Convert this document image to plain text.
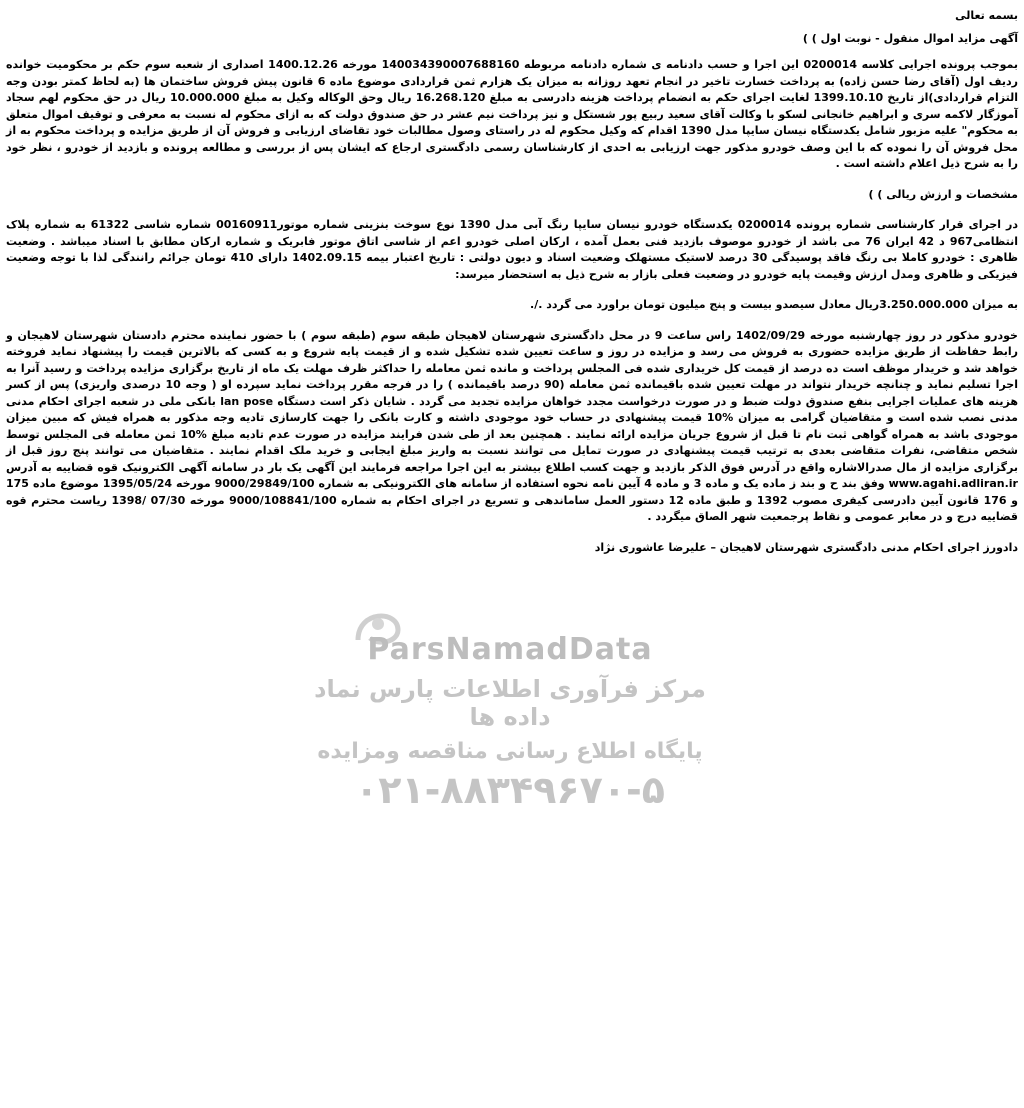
بسمه تعالی

آگهی مزاید اموال منقول - نوبت اول ) )

بموجب پرونده اجرایی کلاسه 0200014 این اجرا و حسب دادنامه ی شماره دادنامه مربوطه 140034390007688160 مورخه 1400.12.26 اصداری از شعبه سوم حکم بر محکومیت خوانده ردیف اول (آقای رضا حسن زاده) به پرداخت خسارت تاخیر در انجام تعهد روزانه به میزان یک هزارم ثمن قراردادی موضوع ماده 6 قانون پیش فروش ساختمان ها (به لحاظ کمتر بودن وجه التزام قراردادی)از تاریخ 1399.10.10 لغایت اجرای حکم به انضمام پرداخت هزینه دادرسی به مبلغ 16.268.120 ریال وحق الوکاله وکیل به مبلغ 10.000.000 ریال در حق محکوم لهم سجاد آموزگار لاکمه سری و ابراهیم خانجانی لسکو با وکالت آقای سعید ربیع پور شستکل و نیز پرداخت نیم عشر در حق صندوق دولت که به ازای محکوم له نسبت به معرفی و توقیف اموال متعلق به محکوم" علیه مزبور شامل یکدستگاه نیسان سایپا مدل 1390 اقدام که وکیل محکوم له در راستای وصول مطالبات خود تقاضای ارزیابی و فروش آن از طریق مزایده و پرداخت محکوم به از محل فروش آن را نموده که با این وصف خودرو مذکور جهت ارزیابی به احدی از کارشناسان رسمی دادگستری ارجاع که ایشان پس از بررسی و مطالعه پرونده و بازدید از خودرو ، نظر خود را به شرح ذیل اعلام داشته است .

مشخصات و ارزش ریالی ) )

در اجرای قرار کارشناسی شماره پرونده 0200014 یکدستگاه خودرو نیسان سایپا رنگ آبی مدل 1390 نوع سوخت بنزینی شماره موتور00160911 شماره شاسی 61322 به شماره پلاک انتظامی967 د 42 ایران 76 می باشد از خودرو موصوف بازدید فنی بعمل آمده ، ارکان اصلی خودرو اعم از شاسی اتاق موتور فابریک و شماره ارکان مطابق با اسناد میباشد . وضعیت ظاهری : خودرو کاملا بی رنگ فاقد پوسیدگی 30 درصد لاستیک مستهلک وضعیت اسناد و دیون دولتی : تاریخ اعتبار بیمه 1402.09.15 دارای 410 تومان جرائم رانندگی لذا با توجه وضعیت فیزیکی و ظاهری ومدل ارزش وقیمت پایه خودرو در وضعیت فعلی بازار به شرح ذیل به استحضار میرسد:

به میزان 3.250.000.000ریال معادل سیصدو بیست و پنج میلیون تومان براورد می گردد ./.

خودرو مذکور در روز چهارشنبه مورخه 1402/09/29 راس ساعت 9 در محل دادگستری شهرستان لاهیجان طبقه سوم (طبقه سوم ) با حضور نماینده محترم دادستان شهرستان لاهیجان و رابط حفاظت از طریق مزایده حضوری به فروش می رسد و مزایده در روز و ساعت تعیین شده تشکیل شده و از قیمت پایه شروع و به کسی که بالاترین قیمت را پیشنهاد نماید فروخته خواهد شد و خریدار موظف است ده درصد از قیمت کل خریداری شده فی المجلس پرداخت و مانده ثمن معامله را حداکثر ظرف مهلت یک ماه از تاریخ برگزاری مزایده پرداخت و رسید آنرا به اجرا تسلیم نماید و چنانچه خریدار نتواند در مهلت تعیین شده باقیمانده ثمن معامله (90 درصد باقیمانده ) را در فرجه مقرر پرداخت نماید سپرده او ( وجه 10 درصدی واریزی) پس از کسر هزینه های عملیات اجرایی بنفع صندوق دولت ضبط و در صورت درخواست مجدد خواهان مزایده تجدید می گردد . شایان ذکر است دستگاه lan pose بانکی ملی در شعبه اجرای احکام مدنی مدنی نصب شده است و متقاضیان گرامی به میزان %10 قیمت پیشنهادی در حساب خود موجودی داشته و کارت بانکی را جهت کارسازی تادیه وجه مذکور به همراه فیش که مبین میزان موجودی باشد به همراه گواهی ثبت نام تا قبل از شروع جریان مزایده ارائه نمایند . همچنین بعد از طی شدن فرایند مزایده در صورت عدم تادیه مبلغ %10 ثمن معامله فی المجلس توسط شخص متقاضی، نفرات متقاضی بعدی به ترتیب قیمت پیشنهادی در صورت تمایل می توانند نسبت به واریز مبلغ ایجابی و خرید ملک اقدام نمایند . متقاضیان می توانند پنج روز قبل از برگزاری مزایده از مال صدرالاشاره واقع در آدرس فوق الذکر بازدید و جهت کسب اطلاع بیشتر به این اجرا مراجعه فرمایند این آگهی یک بار در سامانه آگهی الکترونیک قوه قضاییه به آدرس www.agahi.adliran.ir وفق بند ح و بند ز ماده یک و ماده 3 و ماده 4 آیین نامه نحوه استفاده از سامانه های الکترونیکی به شماره 9000/29849/100 مورخه 1395/05/24 موضوع ماده 175 و 176 قانون آیین دادرسی کیفری مصوب 1392 و طبق ماده 12 دستور العمل ساماندهی و تسریع در اجرای احکام به شماره 9000/108841/100 مورخه 07/30 /1398 ریاست محترم قوه قضاییه درج و در معابر عمومی و نقاط پرجمعیت شهر الصاق میگردد .

دادورز اجرای احکام مدنی دادگستری شهرستان لاهیجان – علیرضا عاشوری نژاد

ParsNamadData
مرکز فرآوری اطلاعات پارس نماد داده ها
پایگاه اطلاع رسانی مناقصه ومزایده
۰۲۱-۸۸۳۴۹۶۷۰-۵
